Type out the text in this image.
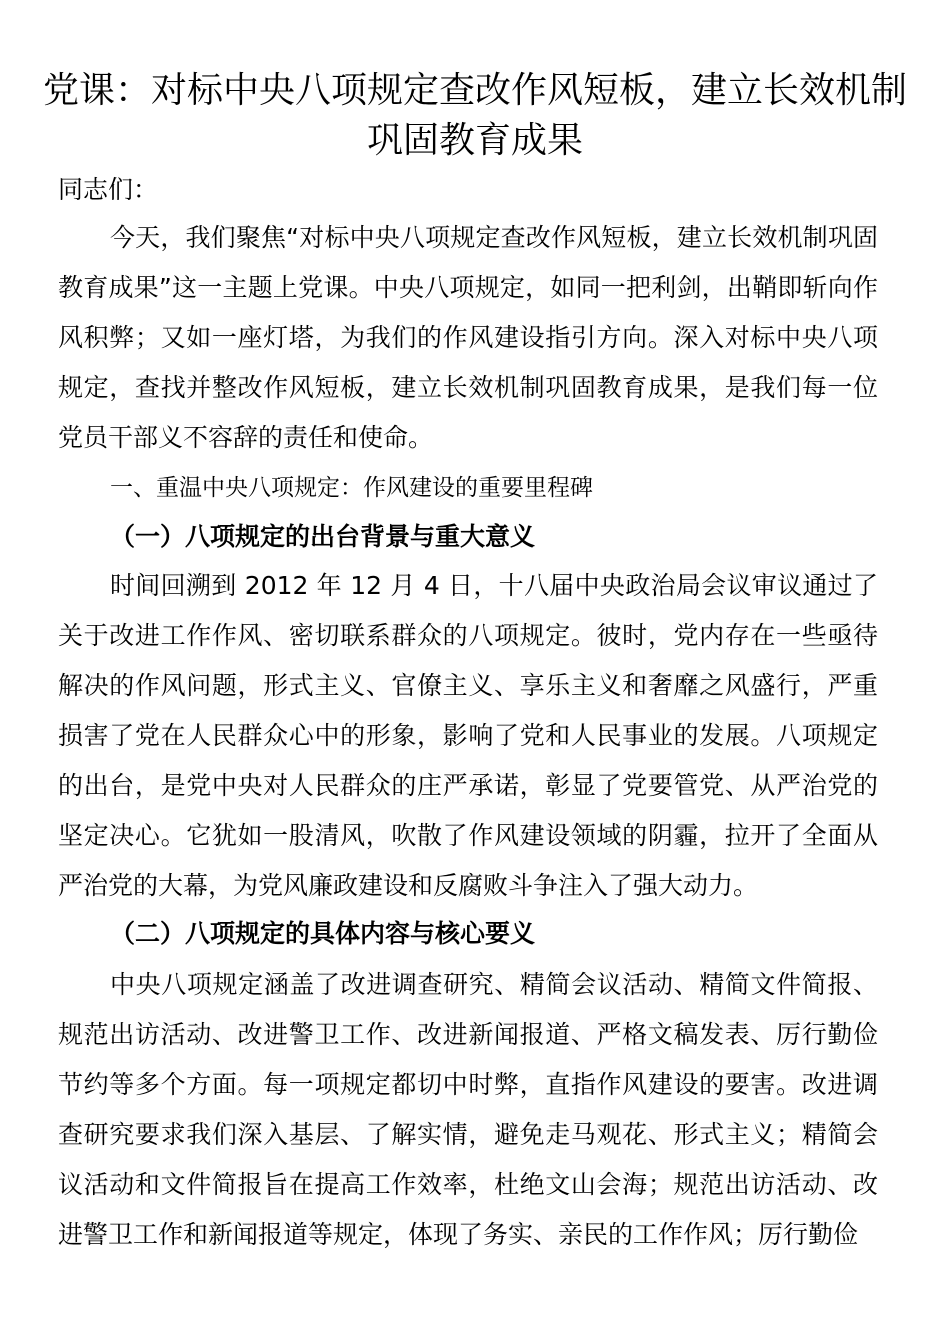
党课：对标中央八项规定查改作风短板，建立长效机制巩固教育成果

同志们：

今天，我们聚焦“对标中央八项规定查改作风短板，建立长效机制巩固教育成果”这一主题上党课。中央八项规定，如同一把利剑，出鞘即斩向作风积弊；又如一座灯塔，为我们的作风建设指引方向。深入对标中央八项规定，查找并整改作风短板，建立长效机制巩固教育成果，是我们每一位党员干部义不容辞的责任和使命。

一、重温中央八项规定：作风建设的重要里程碑

（一）八项规定的出台背景与重大意义

时间回溯到 2012 年 12 月 4 日，十八届中央政治局会议审议通过了关于改进工作作风、密切联系群众的八项规定。彼时，党内存在一些亟待解决的作风问题，形式主义、官僚主义、享乐主义和奢靡之风盛行，严重损害了党在人民群众心中的形象，影响了党和人民事业的发展。八项规定的出台，是党中央对人民群众的庄严承诺，彰显了党要管党、从严治党的坚定决心。它犹如一股清风，吹散了作风建设领域的阴霾，拉开了全面从严治党的大幕，为党风廉政建设和反腐败斗争注入了强大动力。

（二）八项规定的具体内容与核心要义

中央八项规定涵盖了改进调查研究、精简会议活动、精简文件简报、规范出访活动、改进警卫工作、改进新闻报道、严格文稿发表、厉行勤俭节约等多个方面。每一项规定都切中时弊，直指作风建设的要害。改进调查研究要求我们深入基层、了解实情，避免走马观花、形式主义；精简会议活动和文件简报旨在提高工作效率，杜绝文山会海；规范出访活动、改进警卫工作和新闻报道等规定，体现了务实、亲民的工作作风；厉行勤俭
